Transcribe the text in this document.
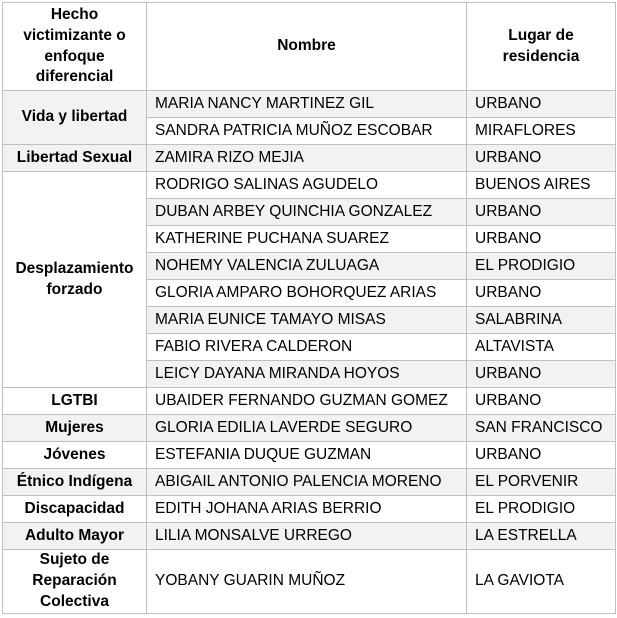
Hecho victimizante o enfoque diferencial	Nombre	Lugar de residencia
Vida y libertad	MARIA NANCY MARTINEZ GIL	URBANO
	SANDRA PATRICIA MUÑOZ ESCOBAR	MIRAFLORES
Libertad Sexual	ZAMIRA RIZO MEJIA	URBANO
Desplazamiento forzado	RODRIGO SALINAS AGUDELO	BUENOS AIRES
	DUBAN ARBEY QUINCHIA GONZALEZ	URBANO
	KATHERINE PUCHANA SUAREZ	URBANO
	NOHEMY VALENCIA ZULUAGA	EL PRODIGIO
	GLORIA AMPARO BOHORQUEZ ARIAS	URBANO
	MARIA EUNICE TAMAYO MISAS	SALABRINA
	FABIO RIVERA CALDERON	ALTAVISTA
	LEICY DAYANA MIRANDA HOYOS	URBANO
LGTBI	UBAIDER FERNANDO GUZMAN GOMEZ	URBANO
Mujeres	GLORIA EDILIA LAVERDE SEGURO	SAN FRANCISCO
Jóvenes	ESTEFANIA DUQUE GUZMAN	URBANO
Étnico Indígena	ABIGAIL ANTONIO PALENCIA MORENO	EL PORVENIR
Discapacidad	EDITH JOHANA ARIAS BERRIO	EL PRODIGIO
Adulto Mayor	LILIA MONSALVE URREGO	LA ESTRELLA
Sujeto de Reparación Colectiva	YOBANY GUARIN MUÑOZ	LA GAVIOTA
